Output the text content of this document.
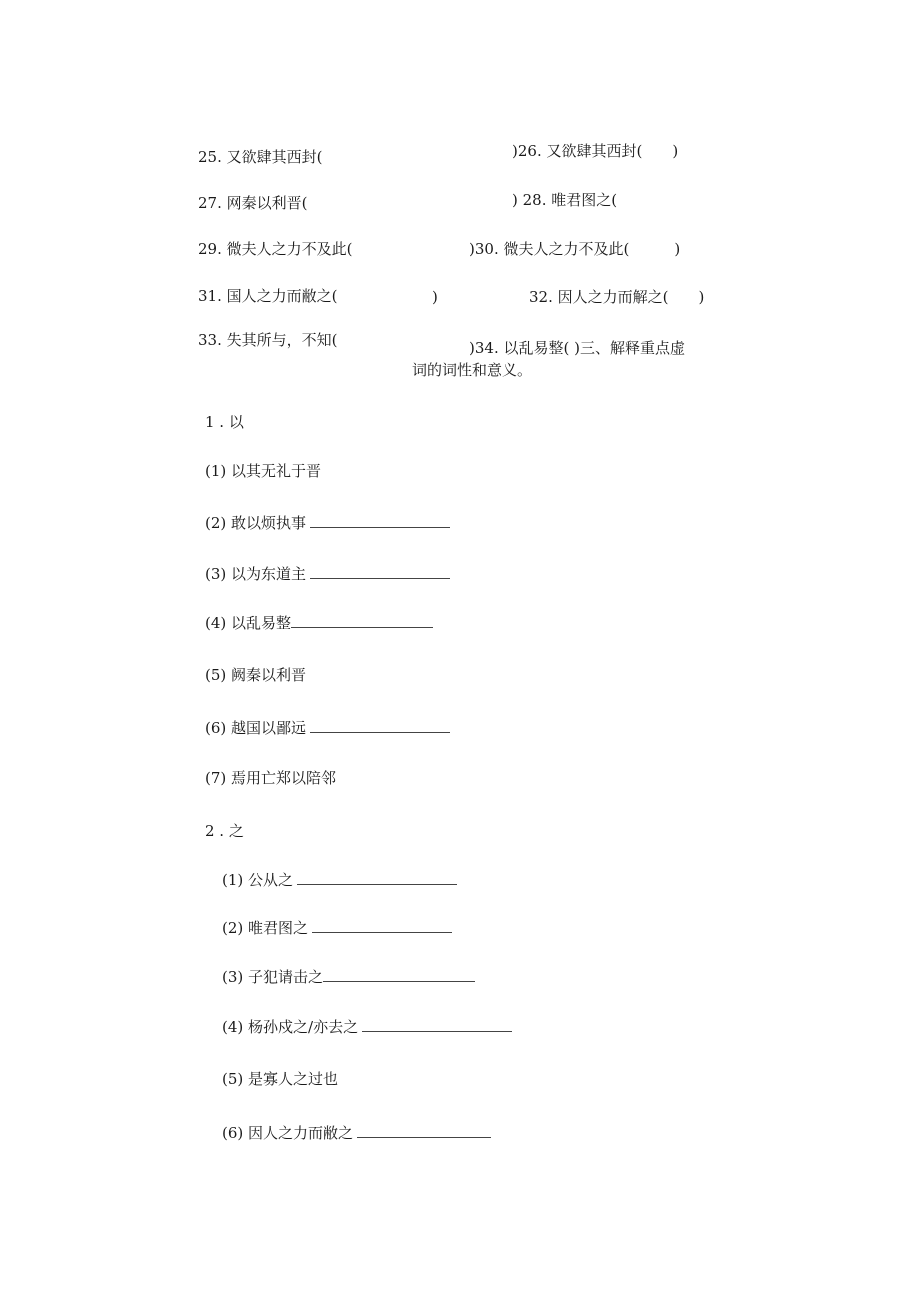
25. 又欲肆其西封(	)26. 又欲肆其西封(　　)
27. 网秦以利晋(	) 28. 唯君图之(
29. 微夫人之力不及此(	)30. 微夫人之力不及此(　　　)
31. 国人之力而敝之(	)	32. 因人之力而解之(　　)
33. 失其所与，不知(	)34. 以乱易整( )三、解释重点虚
词的词性和意义。
1 . 以
(1) 以其无礼于晋
(2) 敢以烦执事
(3) 以为东道主
(4) 以乱易整
(5) 阙秦以利晋
(6) 越国以鄙远
(7) 焉用亡郑以陪邻
2 . 之
(1) 公从之
(2) 唯君图之
(3) 子犯请击之
(4) 杨孙戍之/亦去之
(5) 是寡人之过也
(6) 因人之力而敝之
